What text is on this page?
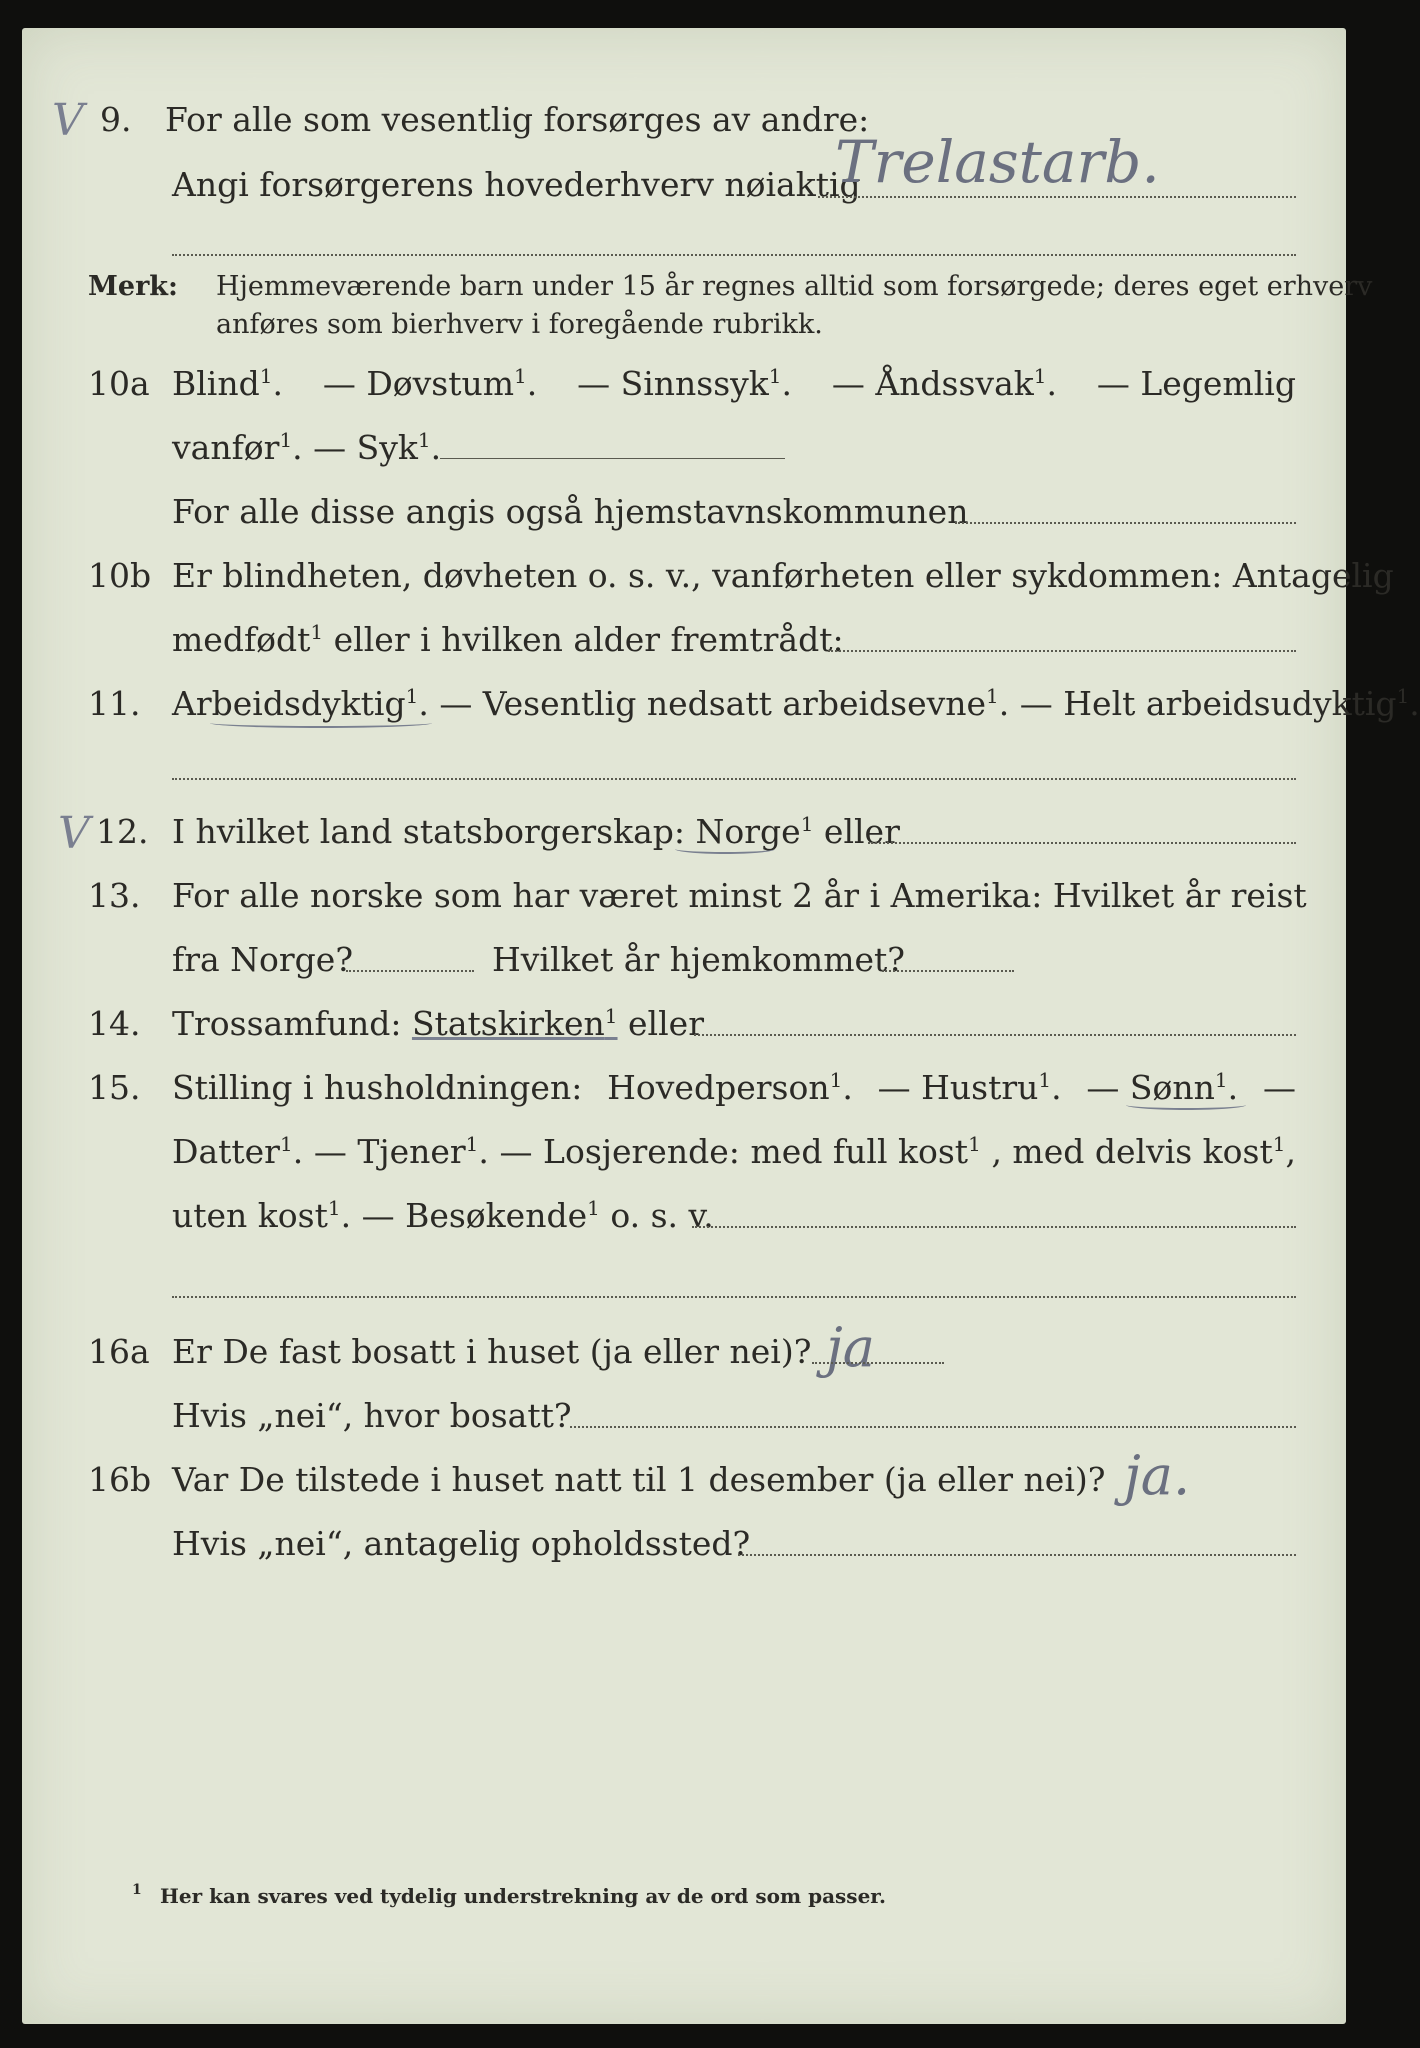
V 9. For alle som vesentlig forsørges av andre:
Angi forsørgerens hovederhverv nøiaktig
Trelastarb.
Merk: Hjemmeværende barn under 15 år regnes alltid som forsørgede; deres eget erhverv
anføres som bierhverv i foregående rubrikk.
10a Blind$^1$. — Døvstum$^1$. — Sinnssyk$^1$. — Åndssvak$^1$. — Legemlig
vanfør$^1$. — Syk$^1$.
For alle disse angis også hjemstavnskommunen
10b Er blindheten, døvheten o. s. v., vanførheten eller sykdommen: Antagelig
medfødt$^1$ eller i hvilken alder fremtrådt:
11. Arbeidsdyktig$^1$. — Vesentlig nedsatt arbeidsevne$^1$. — Helt arbeidsudyktig$^1$.
V 12. I hvilket land statsborgerskap: Norge$^1$ eller
13. For alle norske som har været minst 2 år i Amerika: Hvilket år reist
fra Norge?	Hvilket år hjemkommet?
14. Trossamfund: Statskirken$^1$ eller
15. Stilling i husholdningen: Hovedperson$^1$. — Hustru$^1$. — Sønn$^1$. —
Datter$^1$. — Tjener$^1$. — Losjerende: med full kost$^1$ , med delvis kost$^1$,
uten kost$^1$. — Besøkende$^1$ o. s. v.
16a Er De fast bosatt i huset (ja eller nei)? ja
Hvis „nei“, hvor bosatt?
16b Var De tilstede i huset natt til 1 desember (ja eller nei)? ja.
Hvis „nei“, antagelig opholdssted?
1 Her kan svares ved tydelig understrekning av de ord som passer.
